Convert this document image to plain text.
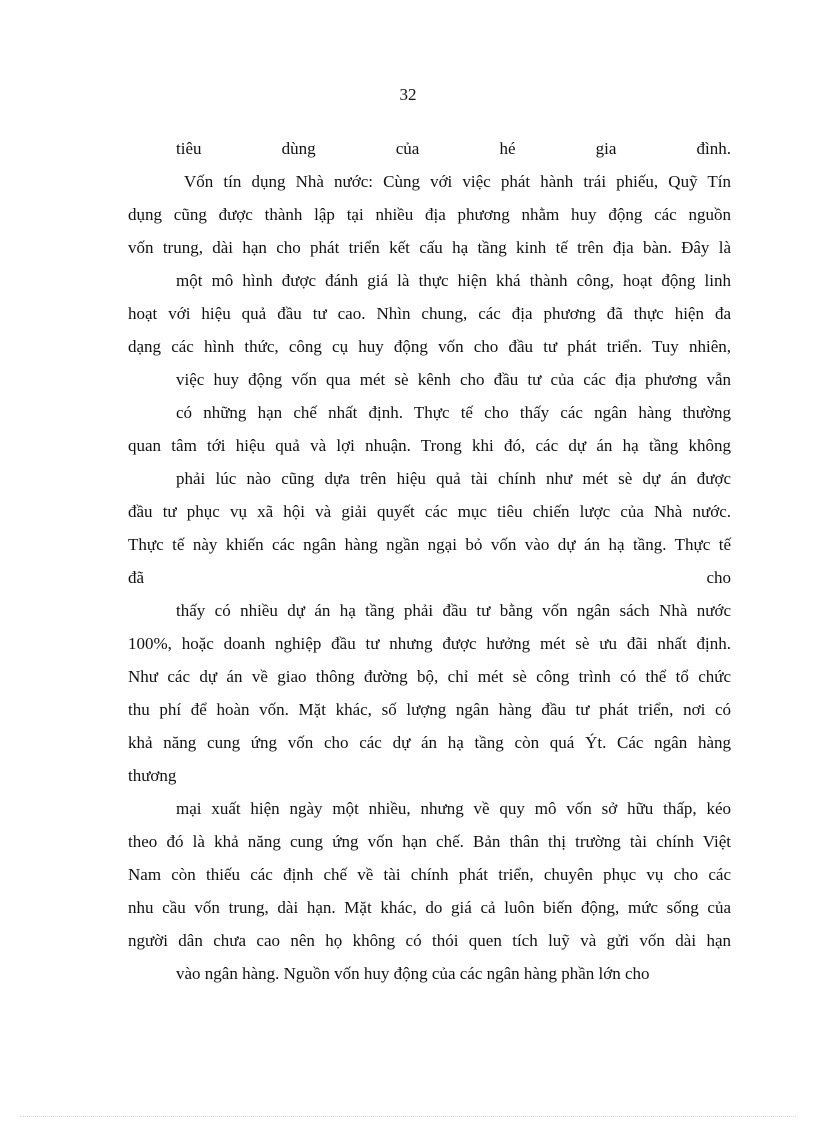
32
tiêu dùng của hé gia đình.
Vốn tín dụng Nhà nước: Cùng với việc phát hành trái phiếu, Quỹ Tín
dụng cũng được thành lập tại nhiều địa phương nhằm huy động các nguồn
vốn trung, dài hạn cho phát triển kết cấu hạ tầng kinh tế trên địa bàn. Đây là
một mô hình được đánh giá là thực hiện khá thành công, hoạt động linh
hoạt với hiệu quả đầu tư cao. Nhìn chung, các địa phương đã thực hiện đa
dạng các hình thức, công cụ huy động vốn cho đầu tư phát triển. Tuy nhiên,
việc huy động vốn qua mét sè kênh cho đầu tư của các địa phương vẫn
có những hạn chế nhất định. Thực tế cho thấy các ngân hàng thường
quan tâm tới hiệu quả và lợi nhuận. Trong khi đó, các dự án hạ tầng không
phải lúc nào cũng dựa trên hiệu quả tài chính như mét sè dự án được
đầu tư phục vụ xã hội và giải quyết các mục tiêu chiến lược của Nhà nước.
Thực tế này khiến các ngân hàng ngần ngại bỏ vốn vào dự án hạ tầng. Thực tế
đã cho
thấy có nhiều dự án hạ tầng phải đầu tư bằng vốn ngân sách Nhà nước
100%, hoặc doanh nghiệp đầu tư nhưng được hưởng mét sè ưu đãi nhất định.
Như các dự án về giao thông đường bộ, chỉ mét sè công trình có thể tổ chức
thu phí để hoàn vốn. Mặt khác, số lượng ngân hàng đầu tư phát triển, nơi có
khả năng cung ứng vốn cho các dự án hạ tầng còn quá Ýt. Các ngân hàng
thương
mại xuất hiện ngày một nhiều, nhưng về quy mô vốn sở hữu thấp, kéo
theo đó là khả năng cung ứng vốn hạn chế. Bản thân thị trường tài chính Việt
Nam còn thiếu các định chế về tài chính phát triển, chuyên phục vụ cho các
nhu cầu vốn trung, dài hạn. Mặt khác, do giá cả luôn biến động, mức sống của
người dân chưa cao nên họ không có thói quen tích luỹ và gửi vốn dài hạn
vào ngân hàng. Nguồn vốn huy động của các ngân hàng phần lớn cho
